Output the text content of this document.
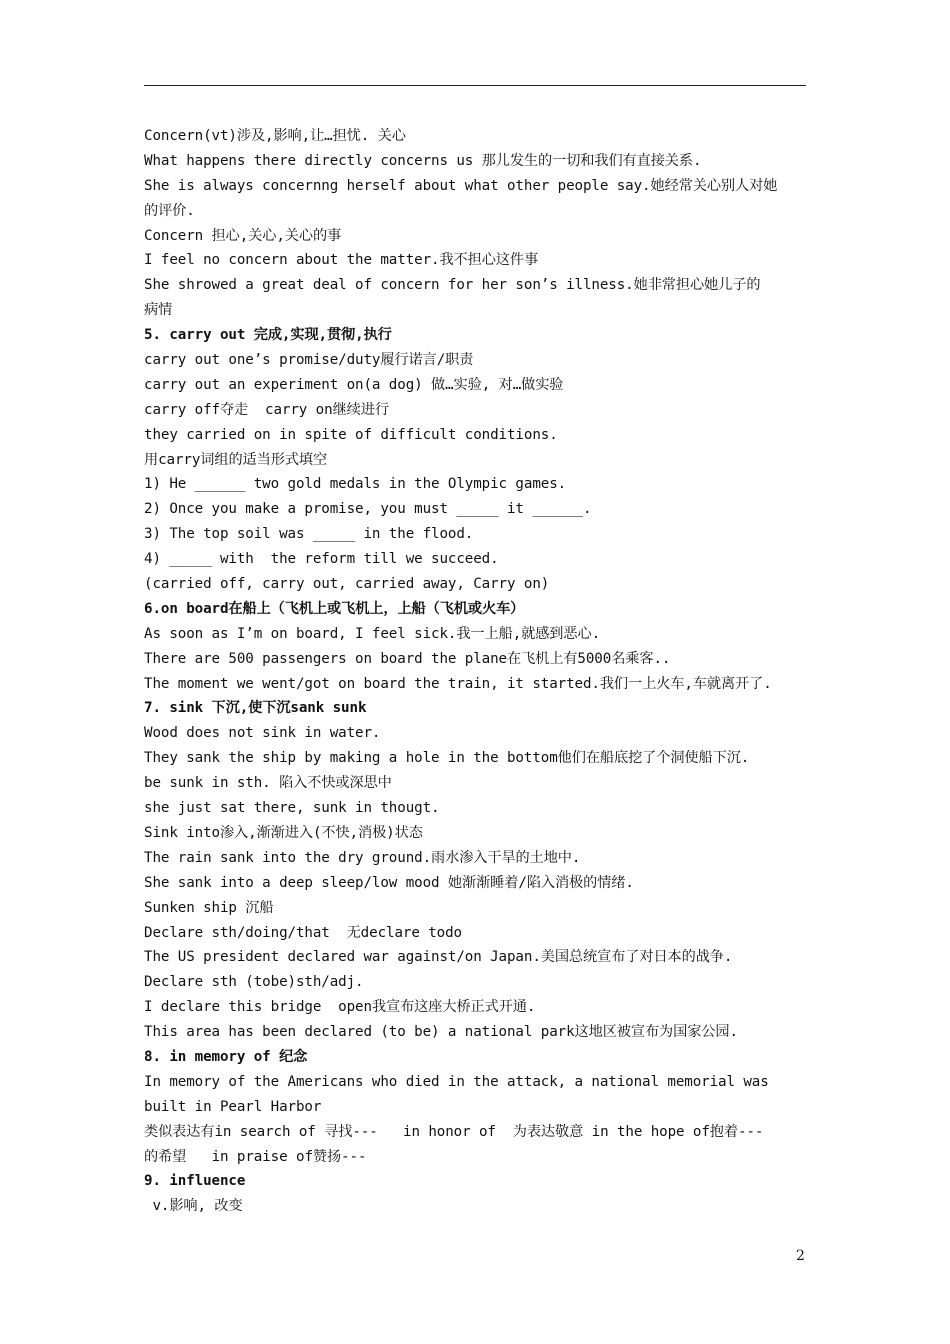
Concern(vt)涉及,影响,让…担忧. 关心
What happens there directly concerns us 那儿发生的一切和我们有直接关系.
She is always concernng herself about what other people say.她经常关心别人对她
的评价.
Concern 担心,关心,关心的事
I feel no concern about the matter.我不担心这件事
She shrowed a great deal of concern for her son’s illness.她非常担心她儿子的
病情
5. carry out 完成,实现,贯彻,执行
carry out one’s promise/duty履行诺言/职责
carry out an experiment on(a dog) 做…实验, 对…做实验
carry off夺走  carry on继续进行
they carried on in spite of difficult conditions.
用carry词组的适当形式填空
1) He ______ two gold medals in the Olympic games.
2) Once you make a promise, you must _____ it ______.
3) The top soil was _____ in the flood.
4) _____ with  the reform till we succeed.
(carried off, carry out, carried away, Carry on)
6.on board在船上（飞机上或飞机上，上船（飞机或火车）
As soon as I’m on board, I feel sick.我一上船,就感到恶心.
There are 500 passengers on board the plane在飞机上有5000名乘客..
The moment we went/got on board the train, it started.我们一上火车,车就离开了.
7. sink 下沉,使下沉sank sunk
Wood does not sink in water.
They sank the ship by making a hole in the bottom他们在船底挖了个洞使船下沉.
be sunk in sth. 陷入不快或深思中
she just sat there, sunk in thougt.
Sink into渗入,渐渐进入(不快,消极)状态
The rain sank into the dry ground.雨水渗入干旱的土地中.
She sank into a deep sleep/low mood 她渐渐睡着/陷入消极的情绪.
Sunken ship 沉船
Declare sth/doing/that  无declare todo
The US president declared war against/on Japan.美国总统宣布了对日本的战争.
Declare sth (tobe)sth/adj.
I declare this bridge  open我宣布这座大桥正式开通.
This area has been declared (to be) a national park这地区被宣布为国家公园.
8. in memory of 纪念
In memory of the Americans who died in the attack, a national memorial was
built in Pearl Harbor
类似表达有in search of 寻找---   in honor of  为表达敬意 in the hope of抱着---
的希望   in praise of赞扬---
9. influence
v.影响, 改变
2
